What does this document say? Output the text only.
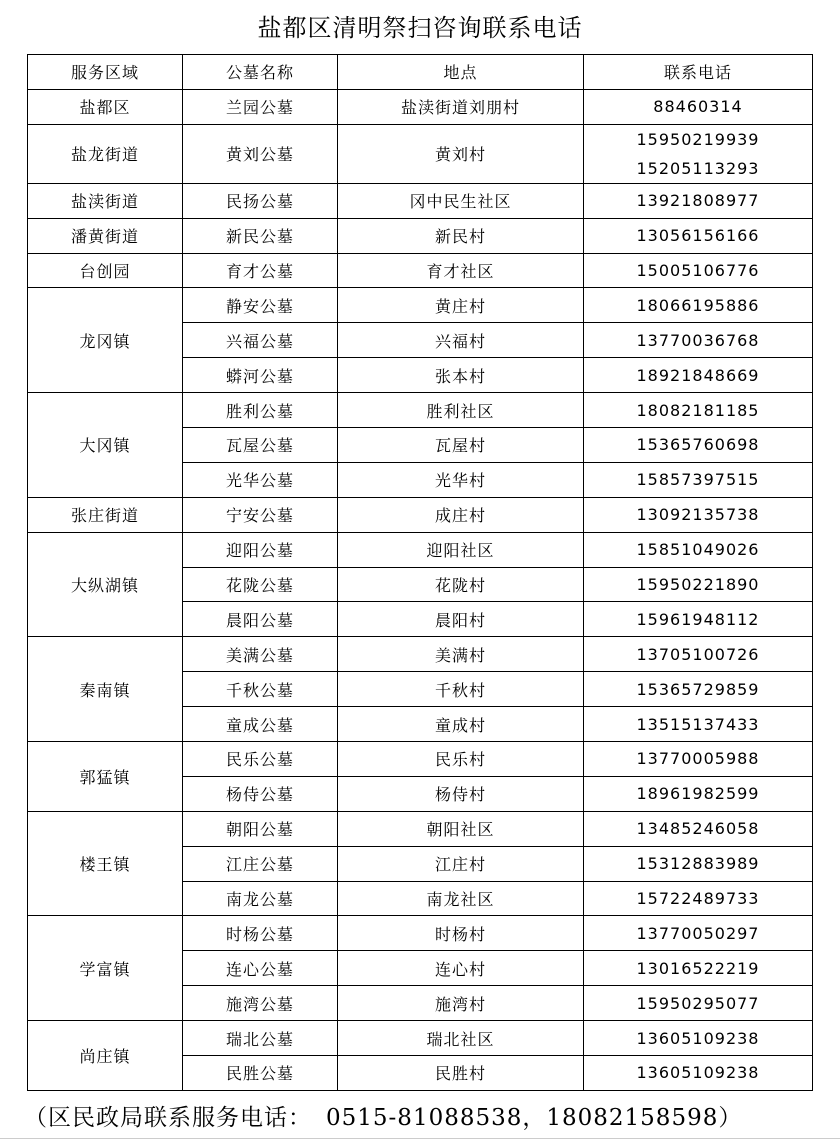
盐都区清明祭扫咨询联系电话
服务区域	公墓名称	地点	联系电话
盐都区	兰园公墓	盐渎街道刘朋村	88460314

盐龙街道	黄刘公墓	黄刘村	15950219939
15205113293

盐渎街道	民扬公墓	冈中民生社区	13921808977

潘黄街道	新民公墓	新民村	13056156166

台创园	育才公墓	育才社区	15005106776

龙冈镇	静安公墓	黄庄村	18066195886

	兴福公墓	兴福村	13770036768

	蟒河公墓	张本村	18921848669

大冈镇	胜利公墓	胜利社区	18082181185

	瓦屋公墓	瓦屋村	15365760698

	光华公墓	光华村	15857397515

张庄街道	宁安公墓	成庄村	13092135738

大纵湖镇	迎阳公墓	迎阳社区	15851049026

	花陇公墓	花陇村	15950221890

	晨阳公墓	晨阳村	15961948112

秦南镇	美满公墓	美满村	13705100726

	千秋公墓	千秋村	15365729859

	童成公墓	童成村	13515137433

郭猛镇	民乐公墓	民乐村	13770005988

	杨侍公墓	杨侍村	18961982599

楼王镇	朝阳公墓	朝阳社区	13485246058

	江庄公墓	江庄村	15312883989

	南龙公墓	南龙社区	15722489733

学富镇	时杨公墓	时杨村	13770050297

	连心公墓	连心村	13016522219

	施湾公墓	施湾村	15950295077

尚庄镇	瑞北公墓	瑞北社区	13605109238

	民胜公墓	民胜村	13605109238
（区民政局联系服务电话： 0515-81088538，18082158598）
